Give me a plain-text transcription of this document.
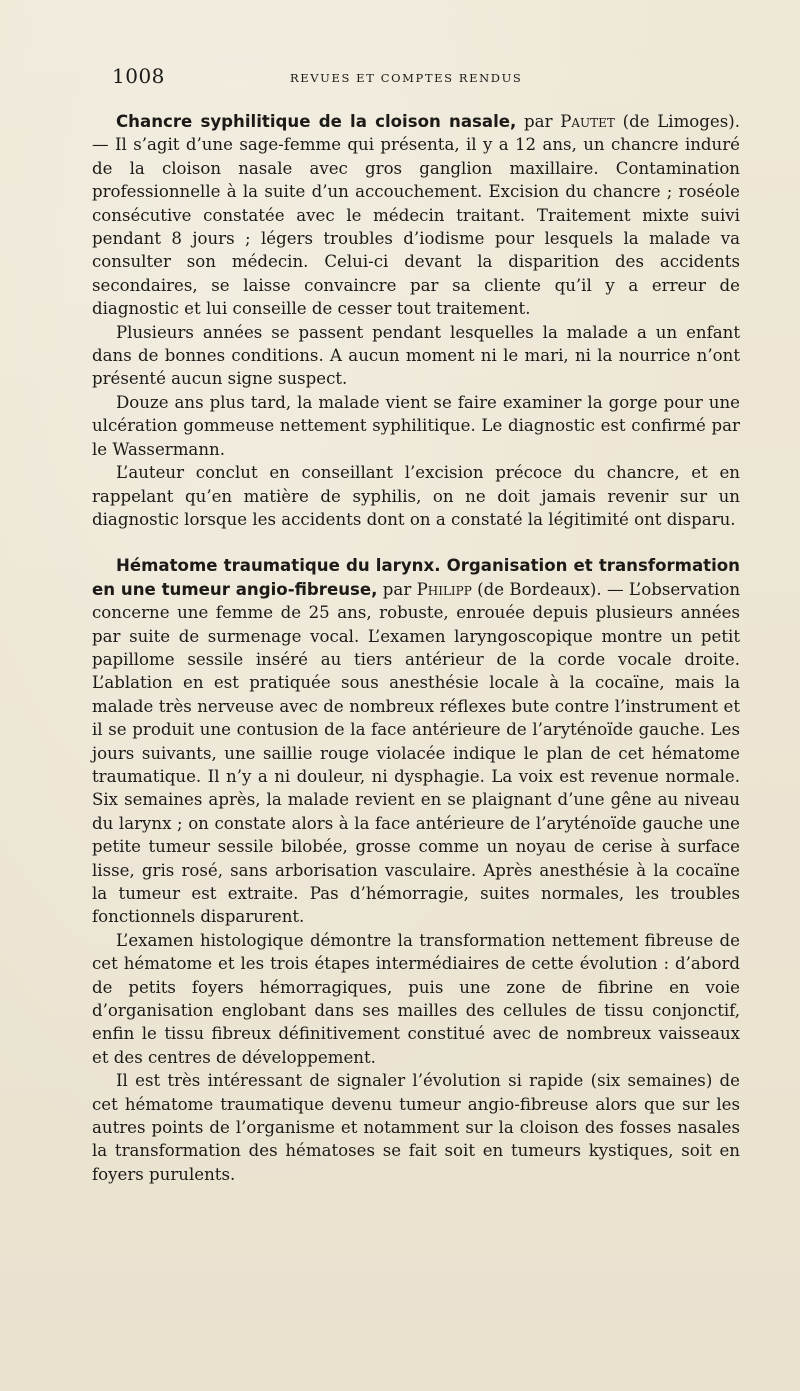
1008	REVUES ET COMPTES RENDUS

Chancre syphilitique de la cloison nasale, par Pautet (de Limoges). — Il s’agit d’une sage-femme qui présenta, il y a 12 ans, un chancre induré de la cloison nasale avec gros ganglion maxillaire. Contamination professionnelle à la suite d’un accouchement. Excision du chancre ; roséole consécutive constatée avec le médecin traitant. Traitement mixte suivi pendant 8 jours ; légers troubles d’iodisme pour lesquels la malade va consulter son médecin. Celui-ci devant la disparition des accidents secondaires, se laisse convaincre par sa cliente qu’il y a erreur de diagnostic et lui conseille de cesser tout traitement.

Plusieurs années se passent pendant lesquelles la malade a un enfant dans de bonnes conditions. A aucun moment ni le mari, ni la nourrice n’ont présenté aucun signe suspect.

Douze ans plus tard, la malade vient se faire examiner la gorge pour une ulcération gommeuse nettement syphilitique. Le diagnostic est confirmé par le Wassermann.

L’auteur conclut en conseillant l’excision précoce du chancre, et en rappelant qu’en matière de syphilis, on ne doit jamais revenir sur un diagnostic lorsque les accidents dont on a constaté la légitimité ont disparu.

Hématome traumatique du larynx. Organisation et transformation en une tumeur angio-fibreuse, par Philipp (de Bordeaux). — L’observation concerne une femme de 25 ans, robuste, enrouée depuis plusieurs années par suite de surmenage vocal. L’examen laryngoscopique montre un petit papillome sessile inséré au tiers antérieur de la corde vocale droite. L’ablation en est pratiquée sous anesthésie locale à la cocaïne, mais la malade très nerveuse avec de nombreux réflexes bute contre l’instrument et il se produit une contusion de la face antérieure de l’aryténoïde gauche. Les jours suivants, une saillie rouge violacée indique le plan de cet hématome traumatique. Il n’y a ni douleur, ni dysphagie. La voix est revenue normale. Six semaines après, la malade revient en se plaignant d’une gêne au niveau du larynx ; on constate alors à la face antérieure de l’aryténoïde gauche une petite tumeur sessile bilobée, grosse comme un noyau de cerise à surface lisse, gris rosé, sans arborisation vasculaire. Après anesthésie à la cocaïne la tumeur est extraite. Pas d’hémorragie, suites normales, les troubles fonctionnels disparurent.

L’examen histologique démontre la transformation nettement fibreuse de cet hématome et les trois étapes intermédiaires de cette évolution : d’abord de petits foyers hémorragiques, puis une zone de fibrine en voie d’organisation englobant dans ses mailles des cellules de tissu conjonctif, enfin le tissu fibreux définitivement constitué avec de nombreux vaisseaux et des centres de développement.

Il est très intéressant de signaler l’évolution si rapide (six semaines) de cet hématome traumatique devenu tumeur angio-fibreuse alors que sur les autres points de l’organisme et notamment sur la cloison des fosses nasales la transformation des hématoses se fait soit en tumeurs kystiques, soit en foyers purulents.
